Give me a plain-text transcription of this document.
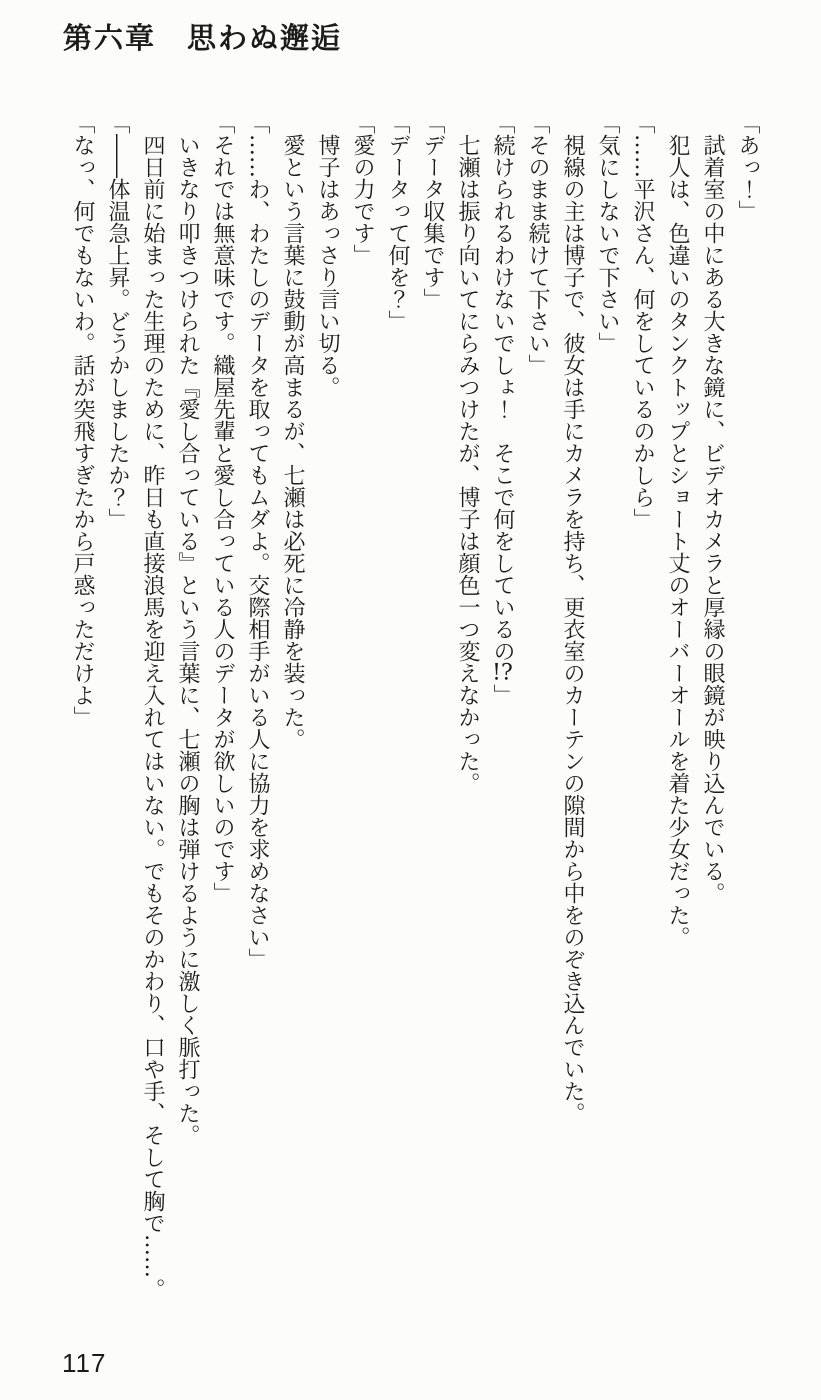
第六章　思わぬ邂逅

「あっ！」

試着室の中にある大きな鏡に、ビデオカメラと厚縁の眼鏡が映り込んでいる。

犯人は、色違いのタンクトップとショート丈のオーバーオールを着た少女だった。

「……平沢さん、何をしているのかしら」

「気にしないで下さい」

視線の主は博子で、彼女は手にカメラを持ち、更衣室のカーテンの隙間から中をのぞき込んでいた。

「そのまま続けて下さい」

「続けられるわけないでしょ！　そこで何をしているの!?」

七瀬は振り向いてにらみつけたが、博子は顔色一つ変えなかった。

「データ収集です」

「データって何を？」

「愛の力です」

博子はあっさり言い切る。

愛という言葉に鼓動が高まるが、七瀬は必死に冷静を装った。

「……わ、わたしのデータを取ってもムダよ。交際相手がいる人に協力を求めなさい」

「それでは無意味です。織屋先輩と愛し合っている人のデータが欲しいのです」

いきなり叩きつけられた『愛し合っている』という言葉に、七瀬の胸は弾けるように激しく脈打った。

四日前に始まった生理のために、昨日も直接浪馬を迎え入れてはいない。でもそのかわり、口や手、そして胸で……。

「――体温急上昇。どうかしましたか？」

「なっ、何でもないわ。話が突飛すぎたから戸惑っただけよ」

117
